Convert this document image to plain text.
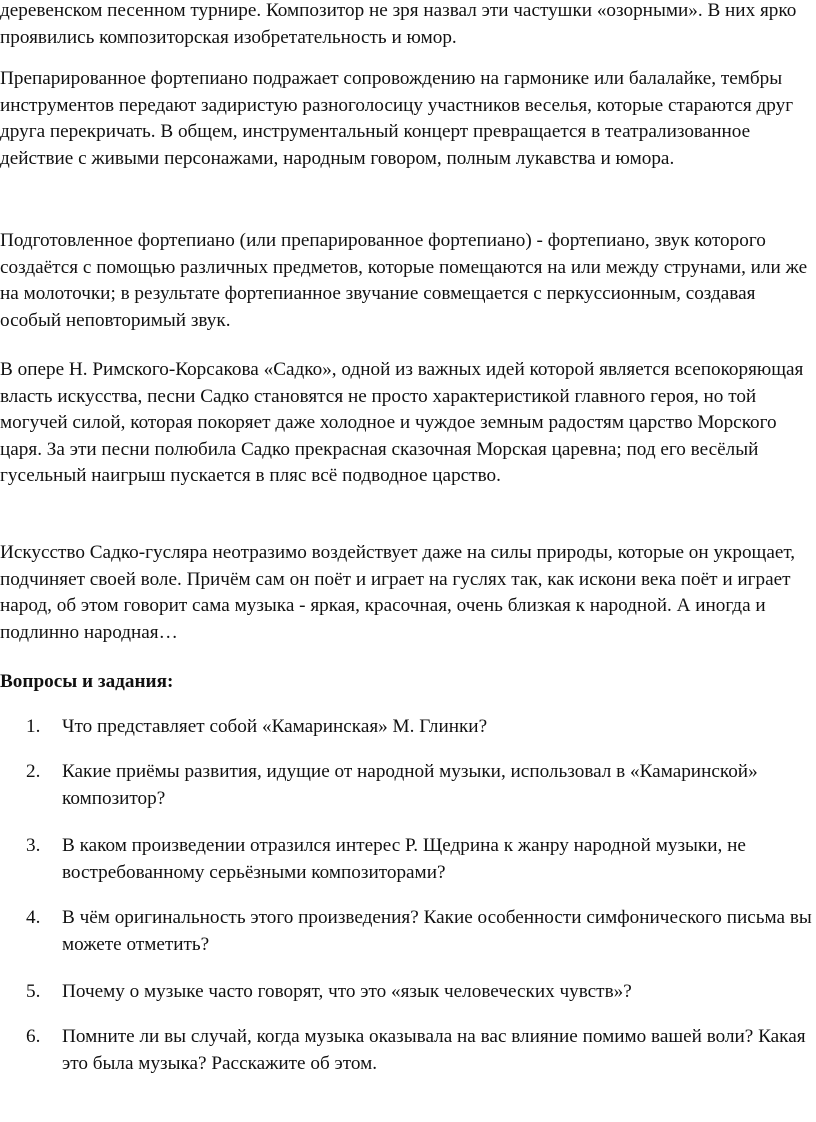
деревенском песенном турнире. Композитор не зря назвал эти частушки «озорными». В них ярко проявились композиторская изобретательность и юмор.

Препарированное фортепиано подражает сопровождению на гармонике или балалайке, тембры инструментов передают задиристую разноголосицу участников веселья, которые стараются друг друга перекричать. В общем, инструментальный концерт превращается в театрализованное действие с живыми персонажами, народным говором, полным лукавства и юмора.

Подготовленное фортепиано (или препарированное фортепиано) - фортепиано, звук которого создаётся с помощью различных предметов, которые помещаются на или между струнами, или же на молоточки; в результате фортепианное звучание совмещается с перкуссионным, создавая особый неповторимый звук.

В опере Н. Римского-Корсакова «Садко», одной из важных идей которой является всепокоряющая власть искусства, песни Садко становятся не просто характеристикой главного героя, но той могучей силой, которая покоряет даже холодное и чуждое земным радостям царство Морского царя. За эти песни полюбила Садко прекрасная сказочная Морская царевна; под его весёлый гусельный наигрыш пускается в пляс всё подводное царство.

Искусство Садко-гусляра неотразимо воздействует даже на силы природы, которые он укрощает, подчиняет своей воле. Причём сам он поёт и играет на гуслях так, как искони века поёт и играет народ, об этом говорит сама музыка - яркая, красочная, очень близкая к народной. А иногда и подлинно народная…

Вопросы и задания:

1.	Что представляет собой «Камаринская» М. Глинки?
2.	Какие приёмы развития, идущие от народной музыки, использовал в «Камаринской» композитор?
3.	В каком произведении отразился интерес Р. Щедрина к жанру народной музыки, не востребованному серьёзными композиторами?
4.	В чём оригинальность этого произведения? Какие особенности симфонического письма вы можете отметить?
5.	Почему о музыке часто говорят, что это «язык человеческих чувств»?
6.	Помните ли вы случай, когда музыка оказывала на вас влияние помимо вашей воли? Какая это была музыка? Расскажите об этом.
